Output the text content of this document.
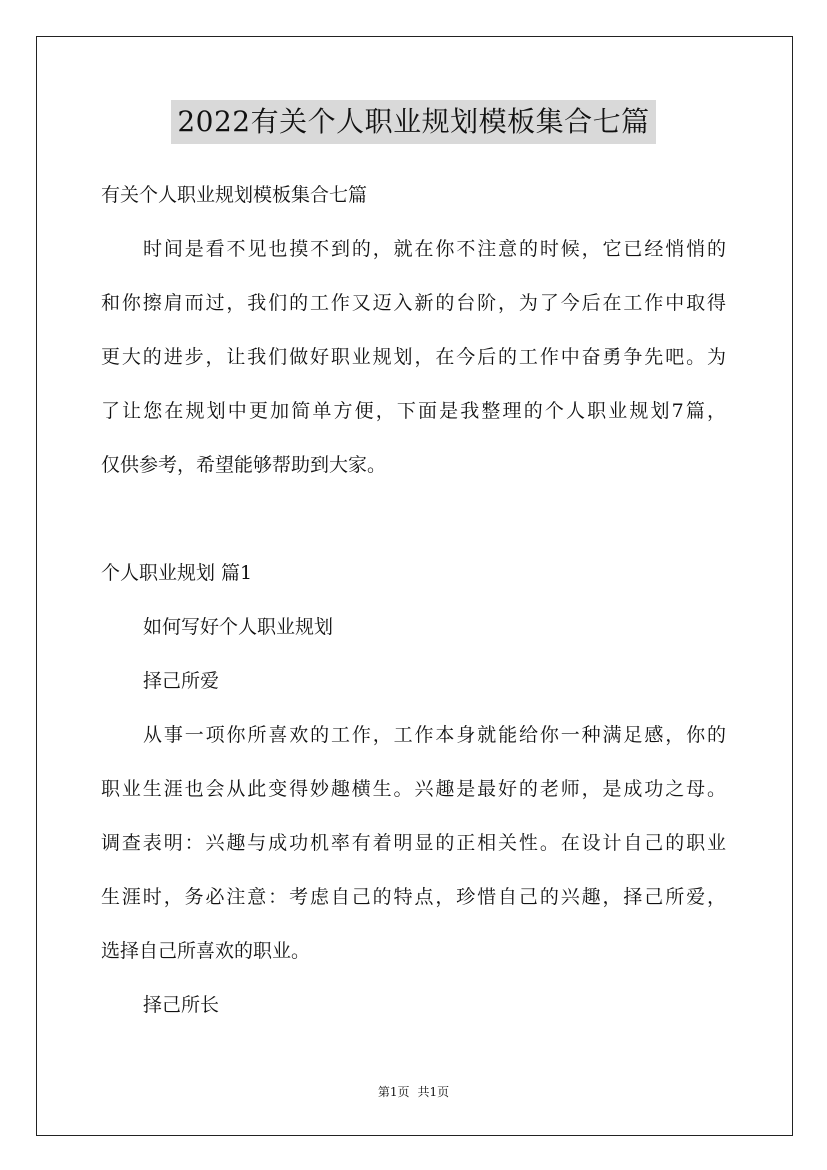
2022有关个人职业规划模板集合七篇
有关个人职业规划模板集合七篇
时间是看不见也摸不到的，就在你不注意的时候，它已经悄悄的
和你擦肩而过，我们的工作又迈入新的台阶，为了今后在工作中取得
更大的进步，让我们做好职业规划，在今后的工作中奋勇争先吧。为
了让您在规划中更加简单方便，下面是我整理的个人职业规划7篇，
仅供参考，希望能够帮助到大家。
个人职业规划 篇1
如何写好个人职业规划
择己所爱
从事一项你所喜欢的工作，工作本身就能给你一种满足感，你的
职业生涯也会从此变得妙趣横生。兴趣是最好的老师，是成功之母。
调查表明：兴趣与成功机率有着明显的正相关性。在设计自己的职业
生涯时，务必注意：考虑自己的特点，珍惜自己的兴趣，择己所爱，
选择自己所喜欢的职业。
择己所长
第1页 共1页
